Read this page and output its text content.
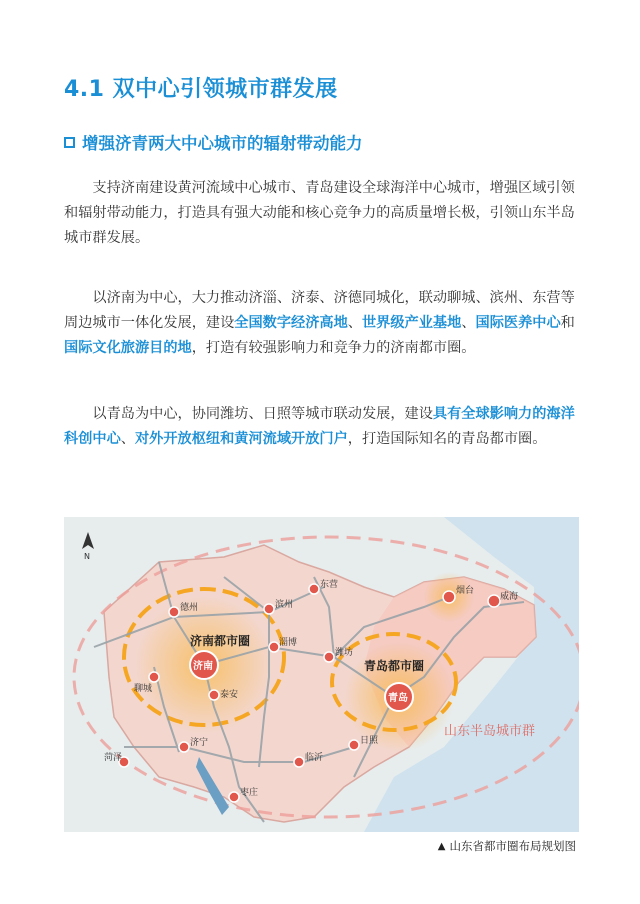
4.1 双中心引领城市群发展
增强济青两大中心城市的辐射带动能力

支持济南建设黄河流域中心城市、青岛建设全球海洋中心城市，增强区域引领和辐射带动能力，打造具有强大动能和核心竞争力的高质量增长极，引领山东半岛城市群发展。

以济南为中心，大力推动济淄、济泰、济德同城化，联动聊城、滨州、东营等周边城市一体化发展，建设全国数字经济高地、世界级产业基地、国际医养中心和国际文化旅游目的地，打造有较强影响力和竞争力的济南都市圈。

以青岛为中心，协同潍坊、日照等城市联动发展，建设具有全球影响力的海洋科创中心、对外开放枢纽和黄河流域开放门户，打造国际知名的青岛都市圈。

N
济南都市圈
青岛都市圈
济南
青岛
德州	滨州
东营
淄博
聊城
泰安
潍坊
烟台
威海
日照
菏泽
济宁
临沂
枣庄
山东半岛城市群
▲ 山东省都市圈布局规划图
